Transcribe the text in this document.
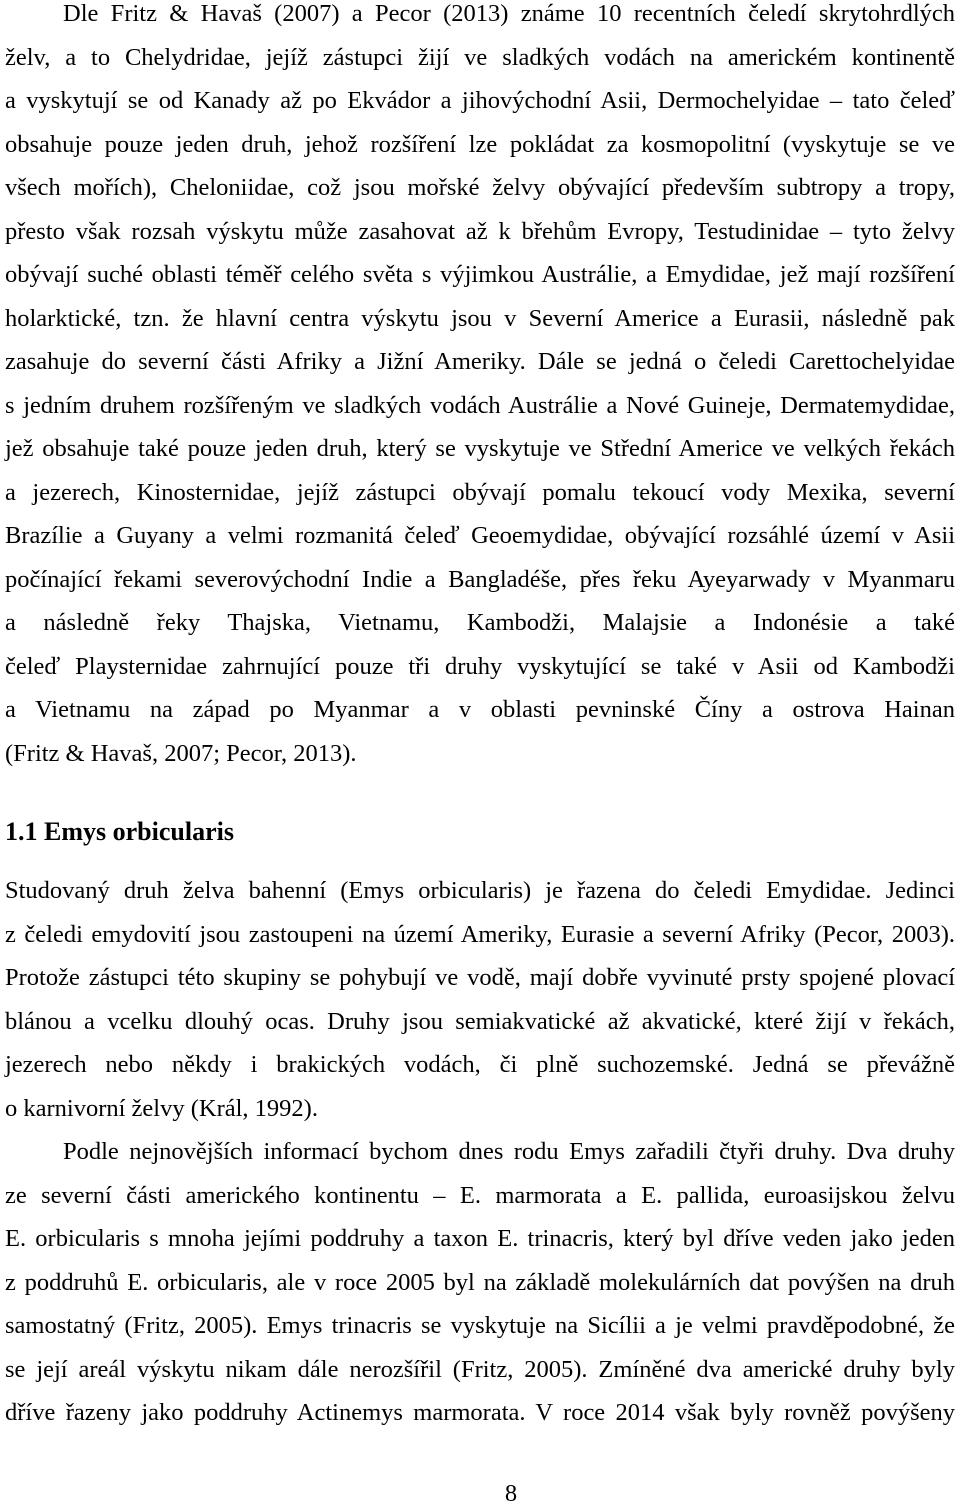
Dle Fritz & Havaš (2007) a Pecor (2013) známe 10 recentních čeledí skrytohrdlých
želv, a to Chelydridae, jejíž zástupci žijí ve sladkých vodách na americkém kontinentě
a vyskytují se od Kanady až po Ekvádor a jihovýchodní Asii, Dermochelyidae – tato čeleď
obsahuje pouze jeden druh, jehož rozšíření lze pokládat za kosmopolitní (vyskytuje se ve
všech mořích), Cheloniidae, což jsou mořské želvy obývající především subtropy a tropy,
přesto však rozsah výskytu může zasahovat až k břehům Evropy, Testudinidae – tyto želvy
obývají suché oblasti téměř celého světa s výjimkou Austrálie, a Emydidae, jež mají rozšíření
holarktické, tzn. že hlavní centra výskytu jsou v Severní Americe a Eurasii, následně pak
zasahuje do severní části Afriky a Jižní Ameriky. Dále se jedná o čeledi Carettochelyidae
s jedním druhem rozšířeným ve sladkých vodách Austrálie a Nové Guineje, Dermatemydidae,
jež obsahuje také pouze jeden druh, který se vyskytuje ve Střední Americe ve velkých řekách
a jezerech, Kinosternidae, jejíž zástupci obývají pomalu tekoucí vody Mexika, severní
Brazílie a Guyany a velmi rozmanitá čeleď Geoemydidae, obývající rozsáhlé území v Asii
počínající řekami severovýchodní Indie a Bangladéše, přes řeku Ayeyarwady v Myanmaru
a následně řeky Thajska, Vietnamu, Kambodži, Malajsie a Indonésie a také
čeleď Playsternidae zahrnující pouze tři druhy vyskytující se také v Asii od Kambodži
a Vietnamu na západ po Myanmar a v oblasti pevninské Číny a ostrova Hainan
(Fritz & Havaš, 2007; Pecor, 2013).
1.1 Emys orbicularis
Studovaný druh želva bahenní (Emys orbicularis) je řazena do čeledi Emydidae. Jedinci
z čeledi emydovití jsou zastoupeni na území Ameriky, Eurasie a severní Afriky (Pecor, 2003).
Protože zástupci této skupiny se pohybují ve vodě, mají dobře vyvinuté prsty spojené plovací
blánou a vcelku dlouhý ocas. Druhy jsou semiakvatické až akvatické, které žijí v řekách,
jezerech nebo někdy i brakických vodách, či plně suchozemské. Jedná se převážně
o karnivorní želvy (Král, 1992).
Podle nejnovějších informací bychom dnes rodu Emys zařadili čtyři druhy. Dva druhy
ze severní části amerického kontinentu – E. marmorata a E. pallida, euroasijskou želvu
E. orbicularis s mnoha jejími poddruhy a taxon E. trinacris, který byl dříve veden jako jeden
z poddruhů E. orbicularis, ale v roce 2005 byl na základě molekulárních dat povýšen na druh
samostatný (Fritz, 2005). Emys trinacris se vyskytuje na Sicílii a je velmi pravděpodobné, že
se její areál výskytu nikam dále nerozšířil (Fritz, 2005). Zmíněné dva americké druhy byly
dříve řazeny jako poddruhy Actinemys marmorata. V roce 2014 však byly rovněž povýšeny
8
